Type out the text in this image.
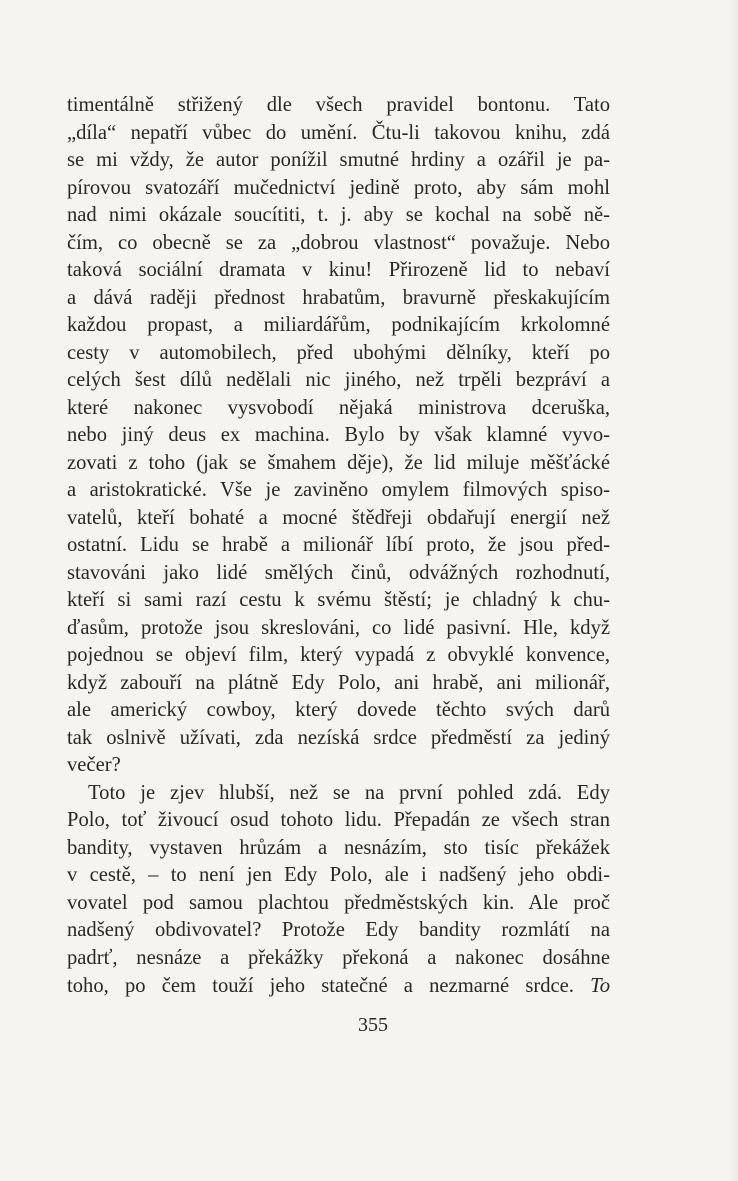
timentálně střižený dle všech pravidel bontonu. Tato
„díla“ nepatří vůbec do umění. Čtu-li takovou knihu, zdá
se mi vždy, že autor ponížil smutné hrdiny a ozářil je pa-
pírovou svatozáří mučednictví jedině proto, aby sám mohl
nad nimi okázale soucítiti, t. j. aby se kochal na sobě ně-
čím, co obecně se za „dobrou vlastnost“ považuje. Nebo
taková sociální dramata v kinu! Přirozeně lid to nebaví
a dává raději přednost hrabatům, bravurně přeskakujícím
každou propast, a miliardářům, podnikajícím krkolomné
cesty v automobilech, před ubohými dělníky, kteří po
celých šest dílů nedělali nic jiného, než trpěli bezpráví a
které nakonec vysvobodí nějaká ministrova dceruška,
nebo jiný deus ex machina. Bylo by však klamné vyvo-
zovati z toho (jak se šmahem děje), že lid miluje měšťácké
a aristokratické. Vše je zaviněno omylem filmových spiso-
vatelů, kteří bohaté a mocné štědřeji obdařují energií než
ostatní. Lidu se hrabě a milionář líbí proto, že jsou před-
stavováni jako lidé smělých činů, odvážných rozhodnutí,
kteří si sami razí cestu k svému štěstí; je chladný k chu-
ďasům, protože jsou skreslováni, co lidé pasivní. Hle, když
pojednou se objeví film, který vypadá z obvyklé konvence,
když zabouří na plátně Edy Polo, ani hrabě, ani milionář,
ale americký cowboy, který dovede těchto svých darů
tak oslnivě užívati, zda nezíská srdce předměstí za jediný
večer?
Toto je zjev hlubší, než se na první pohled zdá. Edy
Polo, toť živoucí osud tohoto lidu. Přepadán ze všech stran
bandity, vystaven hrůzám a nesnázím, sto tisíc překážek
v cestě, – to není jen Edy Polo, ale i nadšený jeho obdi-
vovatel pod samou plachtou předměstských kin. Ale proč
nadšený obdivovatel? Protože Edy bandity rozmlátí na
padrť, nesnáze a překážky překoná a nakonec dosáhne
toho, po čem touží jeho statečné a nezmarné srdce. To
355
